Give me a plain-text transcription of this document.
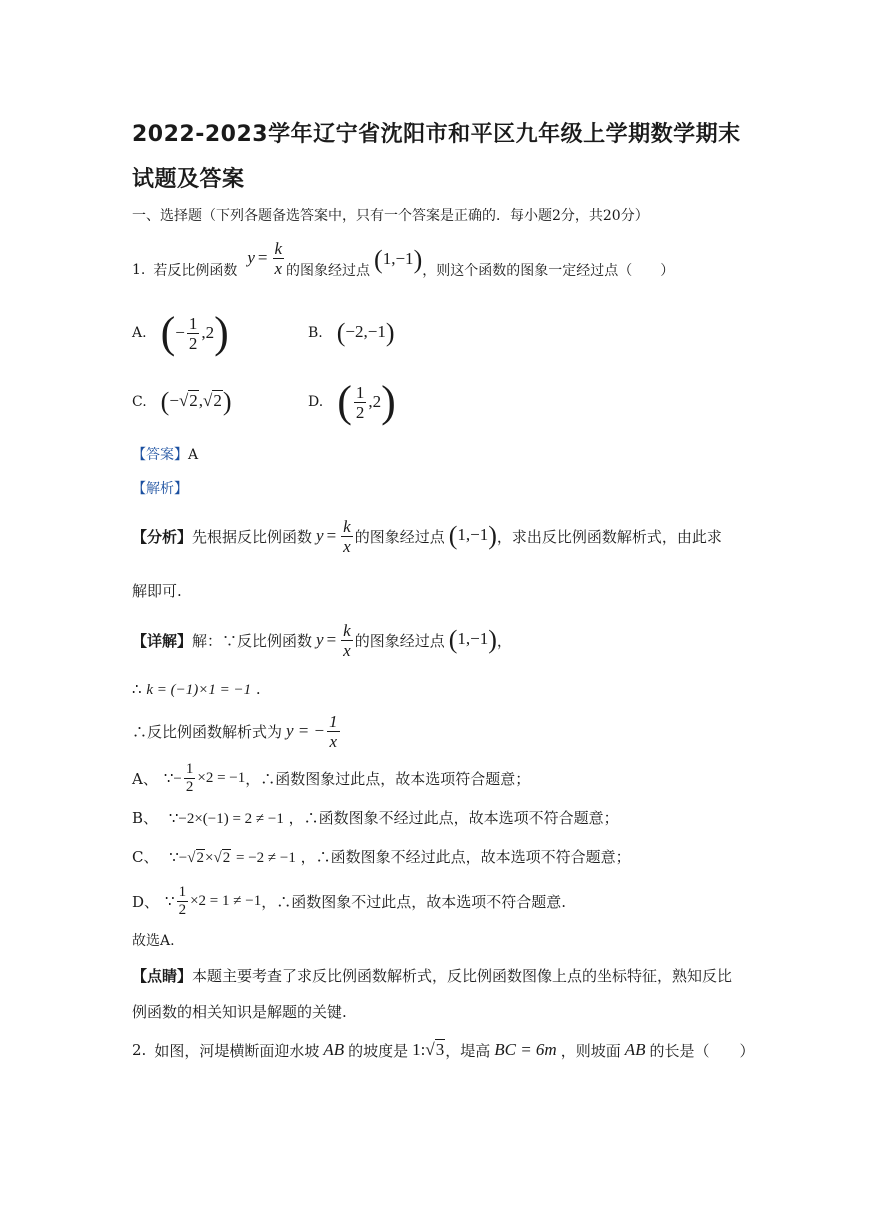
2022-2023学年辽宁省沈阳市和平区九年级上学期数学期末
试题及答案
一、选择题（下列各题备选答案中，只有一个答案是正确的．每小题2分，共20分）
1. 若反比例函数
$y = \frac{k}{x}$ 的图象经过点 (1,−1) ，则这个函数的图象一定经过点（　　）
A. ( − $\frac{1}{2} ,2$ )	B. (−2,−1)
C. (−√2,√2)	D. ( $\frac{1}{2} ,2$ )
【答案】A
【解析】
【分析】 先根据反比例函数 $y = \frac{k}{x}$ 的图象经过点 (1,−1) ，求出反比例函数解析式，由此求
解即可.
【详解】 解：∵反比例函数 $y = \frac{k}{x}$ 的图象经过点 (1,−1) ，
∴ k = (−1)×1 = −1 .
∴反比例函数解析式为 y = − $\frac{1}{x}$
A、 ∵− $\frac{1}{2} \times 2 = -1$ ，∴函数图象过此点，故本选项符合题意；
B、 ∵−2×(−1) = 2 ≠ −1 ，∴函数图象不经过此点，故本选项不符合题意；
C、 ∵−√2×√2 = −2 ≠ −1 ，∴函数图象不经过此点，故本选项不符合题意；
D、 ∵ $\frac{1}{2} \times 2 = 1 \ne -1$ ，∴函数图象不过此点，故本选项不符合题意.
故选A.
【点睛】本题主要考查了求反比例函数解析式，反比例函数图像上点的坐标特征，熟知反比
例函数的相关知识是解题的关键.
2. 如图，河堤横断面迎水坡 AB 的坡度是 1: √3 ，堤高 BC = 6m ，则坡面 AB 的长是（　　）
